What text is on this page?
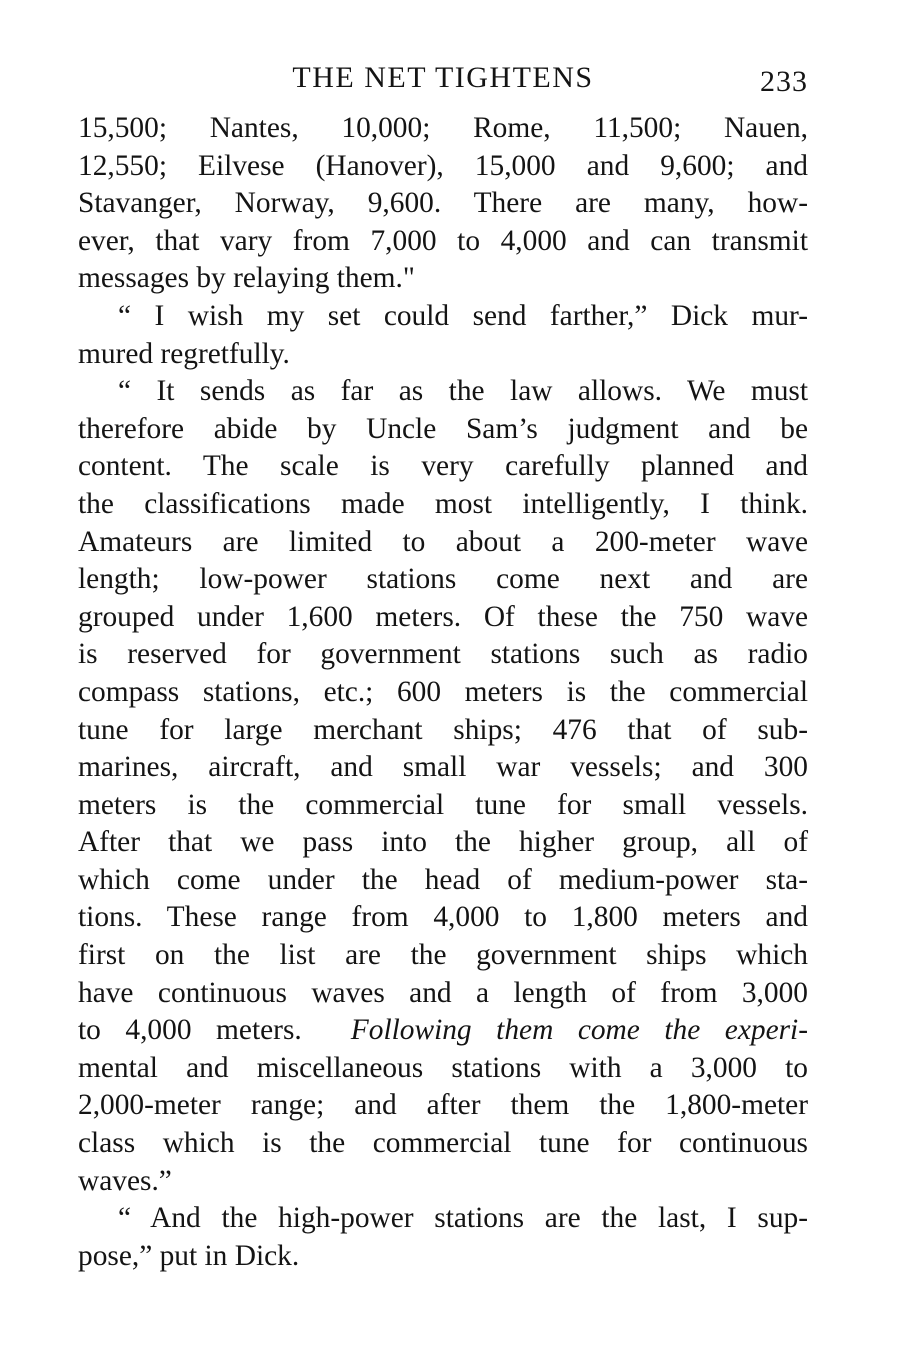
THE NET TIGHTENS	233
15,500; Nantes, 10,000; Rome, 11,500; Nauen,
12,550; Eilvese (Hanover), 15,000 and 9,600; and
Stavanger, Norway, 9,600. There are many, how-
ever, that vary from 7,000 to 4,000 and can transmit
messages by relaying them."
“ I wish my set could send farther,” Dick mur-
mured regretfully.
“ It sends as far as the law allows. We must
therefore abide by Uncle Sam’s judgment and be
content. The scale is very carefully planned and
the classifications made most intelligently, I think.
Amateurs are limited to about a 200-meter wave
length; low-power stations come next and are
grouped under 1,600 meters. Of these the 750 wave
is reserved for government stations such as radio
compass stations, etc.; 600 meters is the commercial
tune for large merchant ships; 476 that of sub-
marines, aircraft, and small war vessels; and 300
meters is the commercial tune for small vessels.
After that we pass into the higher group, all of
which come under the head of medium-power sta-
tions. These range from 4,000 to 1,800 meters and
first on the list are the government ships which
have continuous waves and a length of from 3,000
to 4,000 meters. Following them come the experi-
mental and miscellaneous stations with a 3,000 to
2,000-meter range; and after them the 1,800-meter
class which is the commercial tune for continuous
waves.”
“ And the high-power stations are the last, I sup-
pose,” put in Dick.
